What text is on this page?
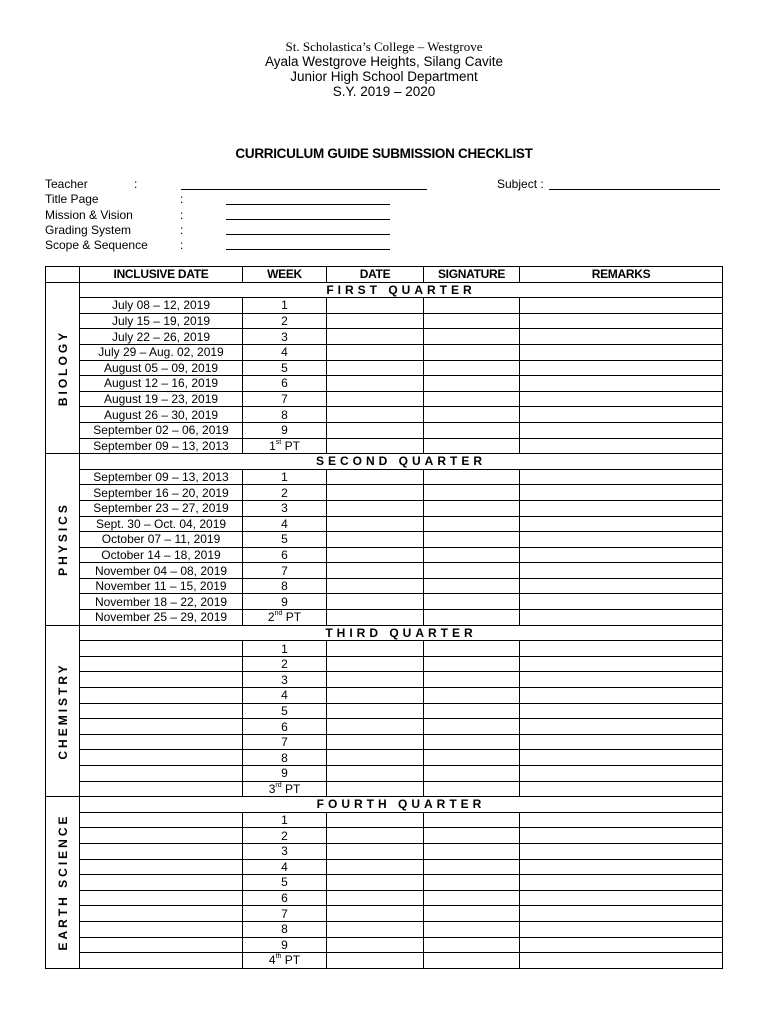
St. Scholastica’s College – Westgrove
Ayala Westgrove Heights, Silang Cavite
Junior High School Department
S.Y. 2019 – 2020
CURRICULUM GUIDE SUBMISSION CHECKLIST
Teacher	:	Subject :
Title Page	:
Mission & Vision	:
Grading System	:
Scope & Sequence	:
	INCLUSIVE DATE	WEEK	DATE	SIGNATURE	REMARKS

BIOLOGY	FIRST QUARTER				
	July 08 – 12, 2019	1			
	July 15 – 19, 2019	2			
	July 22 – 26, 2019	3			
	July 29 – Aug. 02, 2019	4			
	August 05 – 09, 2019	5			
	August 12 – 16, 2019	6			
	August 19 – 23, 2019	7			
	August 26 – 30, 2019	8			
	September 02 – 06, 2019	9			
	September 09 – 13, 2013	1st PT			

PHYSICS	SECOND QUARTER				
	September 09 – 13, 2013	1			
	September 16 – 20, 2019	2			
	September 23 – 27, 2019	3			
	Sept. 30 – Oct. 04, 2019	4			
	October 07 – 11, 2019	5			
	October 14 – 18, 2019	6			
	November 04 – 08, 2019	7			
	November 11 – 15, 2019	8			
	November 18 – 22, 2019	9			
	November 25 – 29, 2019	2nd PT			

CHEMISTRY	THIRD QUARTER				
		1			
		2			
		3			
		4			
		5			
		6			
		7			
		8			
		9			
		3rd PT			

EARTH SCIENCE	FOURTH QUARTER				
		1			
		2			
		3			
		4			
		5			
		6			
		7			
		8			
		9			
		4th PT			
